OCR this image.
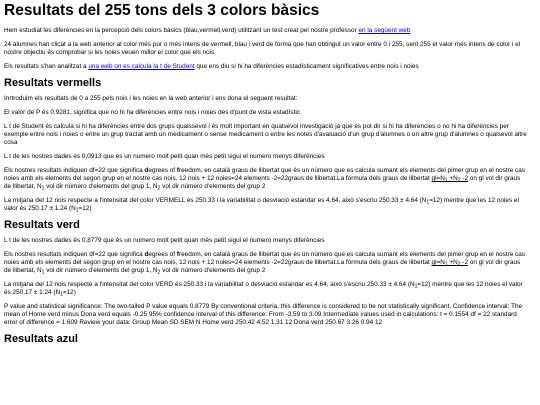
Resultats del 255 tons dels 3 colors bàsics

Hem estudiat les diferències en la percepció dels colors bàsics (blau,vermell,verd) utilitzant un test creat pel nostre professor en la següent web

24 alumnes han clicat a la web anterior al color més pur o més intens de vermell, blau i verd de forma que han obtingut un valor entre 0 i 255, sent 255 el valor més intens de color i el nostre objectiu és comprobar si les noies veuen millor el color que els nois

Els resultats s'han analitzat a una web on es calcula la t de Student que ens diu si hi ha diferències estadísticament significatives entre nois i noies

Resultats vermells

Inrtroduim els resultats de 0 a 255 pels nois i les noies en la web anterior i ens dona el seguent resultat:

El valor de P és 0.9281, significa que no hi ha diferències entre nois i noies des d'punt de vista estadístic

L t de Student és calcula si hi ha diferències entre dos grups qualssevol i és molt important en qualsevol investigació ja que és pot dir si hi ha diferències o no hi ha diferències per exemple entre nois i noies o entre un grup tractat amb un medicament o sense medicament o entre les notes d'avaluació d'un grup d'alumnes o un altre grup d'alumnes o qualsevol altre cosa

L t de les nostres dades és 0,0913 que és un numero molt petit quan més petit sigui el numero menys diferències

Els nostres resultats indiquen df=22 que significa degrees of freedom, en català graus de llibertat que és un número que es calcula sumant els elements del pimer grup en el nostre cas noies amb els elements del segon grup en el nostre cas nois, 12 nois + 12 noies=24 elements -2=22graus de llibertat.La fórmula dels graus de llibertat $gl=N_1 +N_2$ -2 on gl vol dir graus de llibertat, $N_1$ vol dir número d'elements del grup 1, $N_2$ vol dir número d'elements del grup 2

La mitjana del 12 nois respecte a l'intensitat del color VERMELL és 250.33 i la variabilitat o desviació estandar es 4.64, això s'escriu 250.33 ± 4.64 $(N_1=12)$ mentre que les 12 noies el valor és 250.17 ± 1.24 $(N_1=12)$

Resultats verd

L t de les nostres dades és 0,8779 que és un numero molt petit quan més petit sigui el numero menys diferències

Els nostres resultats indiquen df=22 que significa degrees of freedom, en català graus de llibertat que és un número que es calcula sumant els elements del pimer grup en el nostre cas noies amb els elements del segon grup en el nostre cas nois, 12 nois + 12 noies=24 elements -2=22graus de llibertat.La fórmula dels graus de llibertat $gl=N_1 +N_2$ -2 on gl vol dir graus de llibertat, $N_1$ vol dir número d'elements del grup 1, $N_2$ vol dir número d'elements del grup 2

La mitjana del 12 nois respecte a l'intensitat del color VERD és 250.33 i la variabilitat o desviació estandar es 4.64, això s'escriu 250.33 ± 4.64 $(N_1=12)$ mentre que les 12 noies el valor és 250.17 ± 1.24 $(N_1=12)$

P value and statistical significance: The two-tailed P value equals 0.8779 By conventional criteria, this difference is considered to be not statistically significant. Confidence interval: The mean of Home verd minus Dona verd equals -0.25 95% confidence interval of this difference: From -3.59 to 3.09 Intermediate values used in calculations: t = 0.1554 df = 22 standard error of difference = 1.609 Review your data: Group Mean SD SEM N Home verd 250.42 4.52 1.31 12 Dona verd 250.67 3.26 0.94 12

Resultats azul
